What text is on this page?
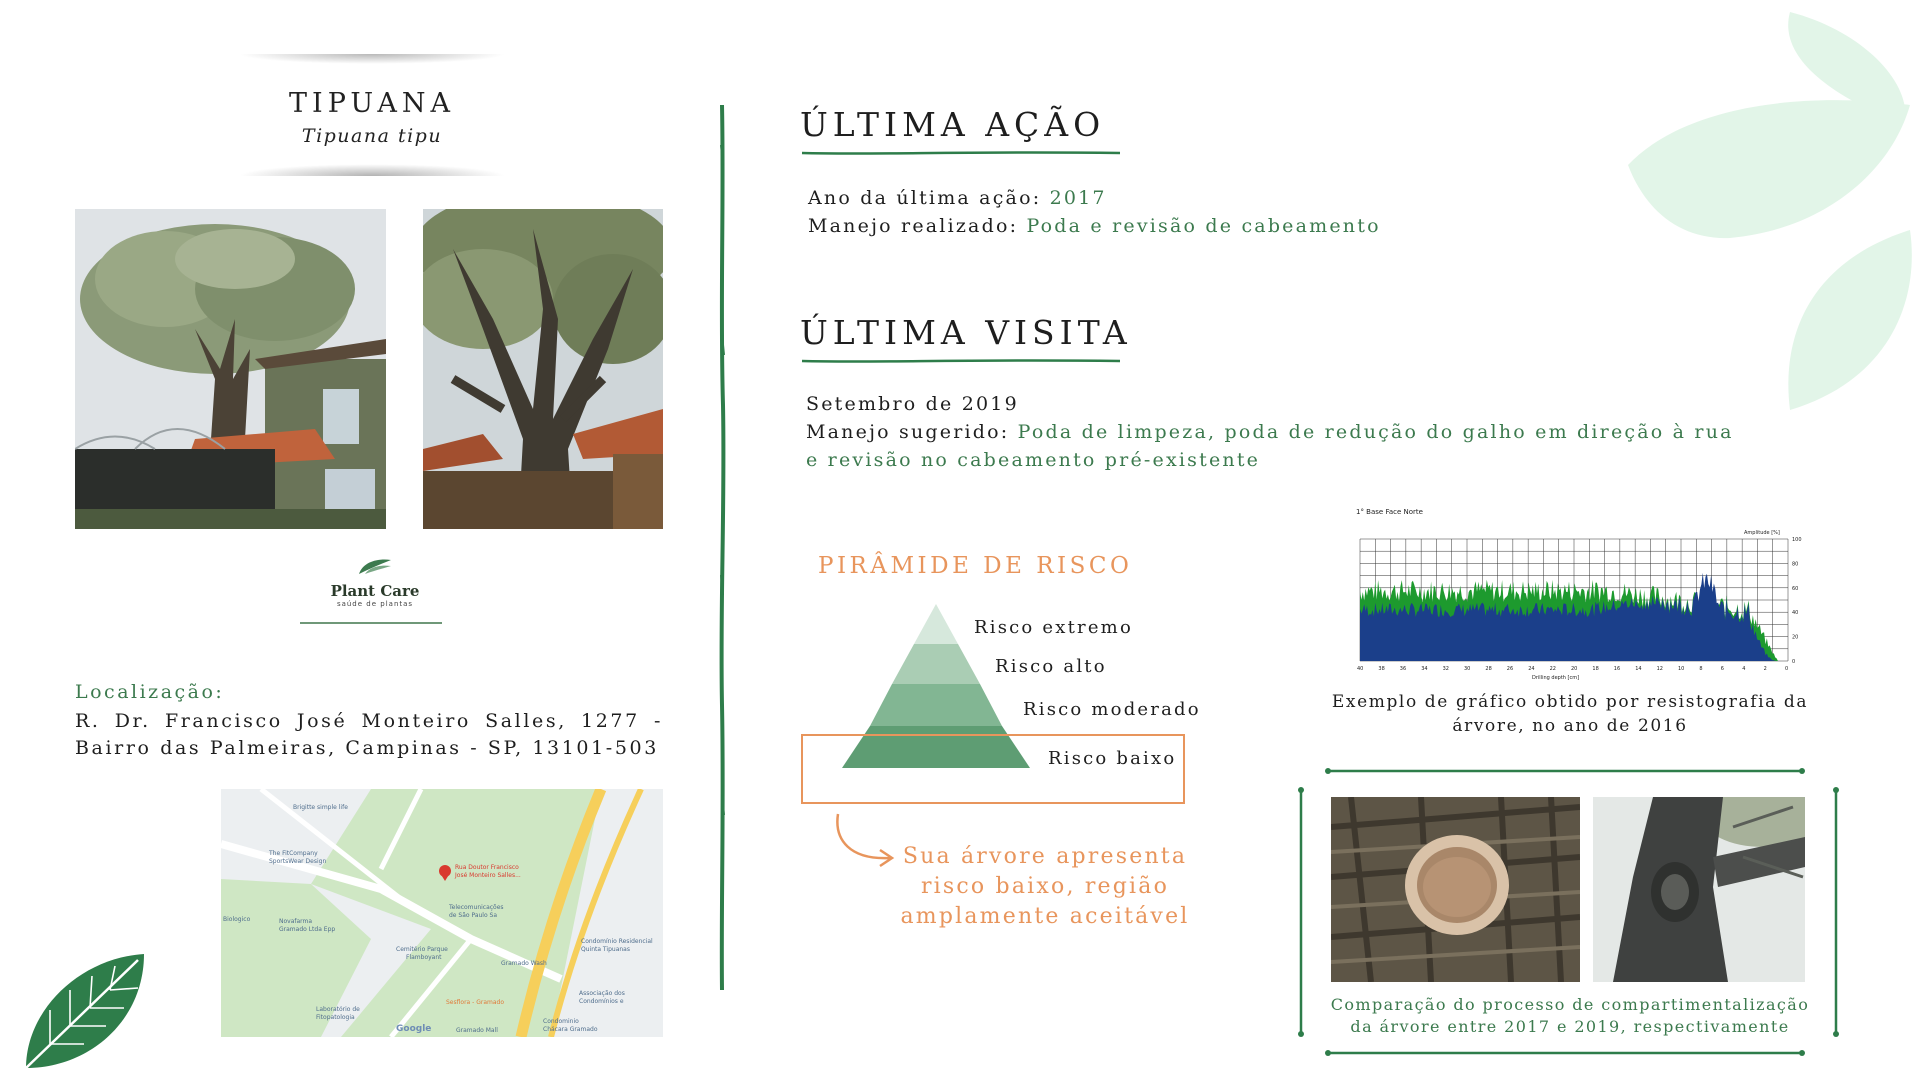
TIPUANA
Tipuana tipu
Plant Care
saúde de plantas
Localização:
R. Dr. Francisco José Monteiro Salles, 1277 - Bairro das Palmeiras, Campinas - SP, 13101-503
Rua Doutor Francisco
José Monteiro Salles...
Brigitte simple life
The FitCompany
SportsWear Design
Biologico	Novafarma
Gramado Ltda Epp
Telecomunicações
de São Paulo Sa
Cemitério Parque
Flamboyant
Gramado Wash
Condomínio Residencial
Quinta Tipuanas
Laboratório de
Fitopatologia
Sesflora - Gramado
Associação dos
Condomínios e
Condominio
Chácara Gramado
Gramado Mall
Google
ÚLTIMA AÇÃO
Ano da última ação: 2017
Manejo realizado: Poda e revisão de cabeamento
ÚLTIMA VISITA
Setembro de 2019
Manejo sugerido: Poda de limpeza, poda de redução do galho em direção à rua
e revisão no cabeamento pré-existente
PIRÂMIDE DE RISCO
Risco extremo
Risco alto
Risco moderado
Risco baixo
Sua árvore apresenta risco baixo, região amplamente aceitável
1° Base Face Norte
Amplitude [%]
Drilling depth [cm]
100
80
60
40
20
0
40	38	36	34	32	30	28	26	24	22	20	18	16	14	12	10	8	6	4	2	0
Exemplo de gráfico obtido por resistografia da árvore, no ano de 2016
Comparação do processo de compartimentalização
da árvore entre 2017 e 2019, respectivamente
